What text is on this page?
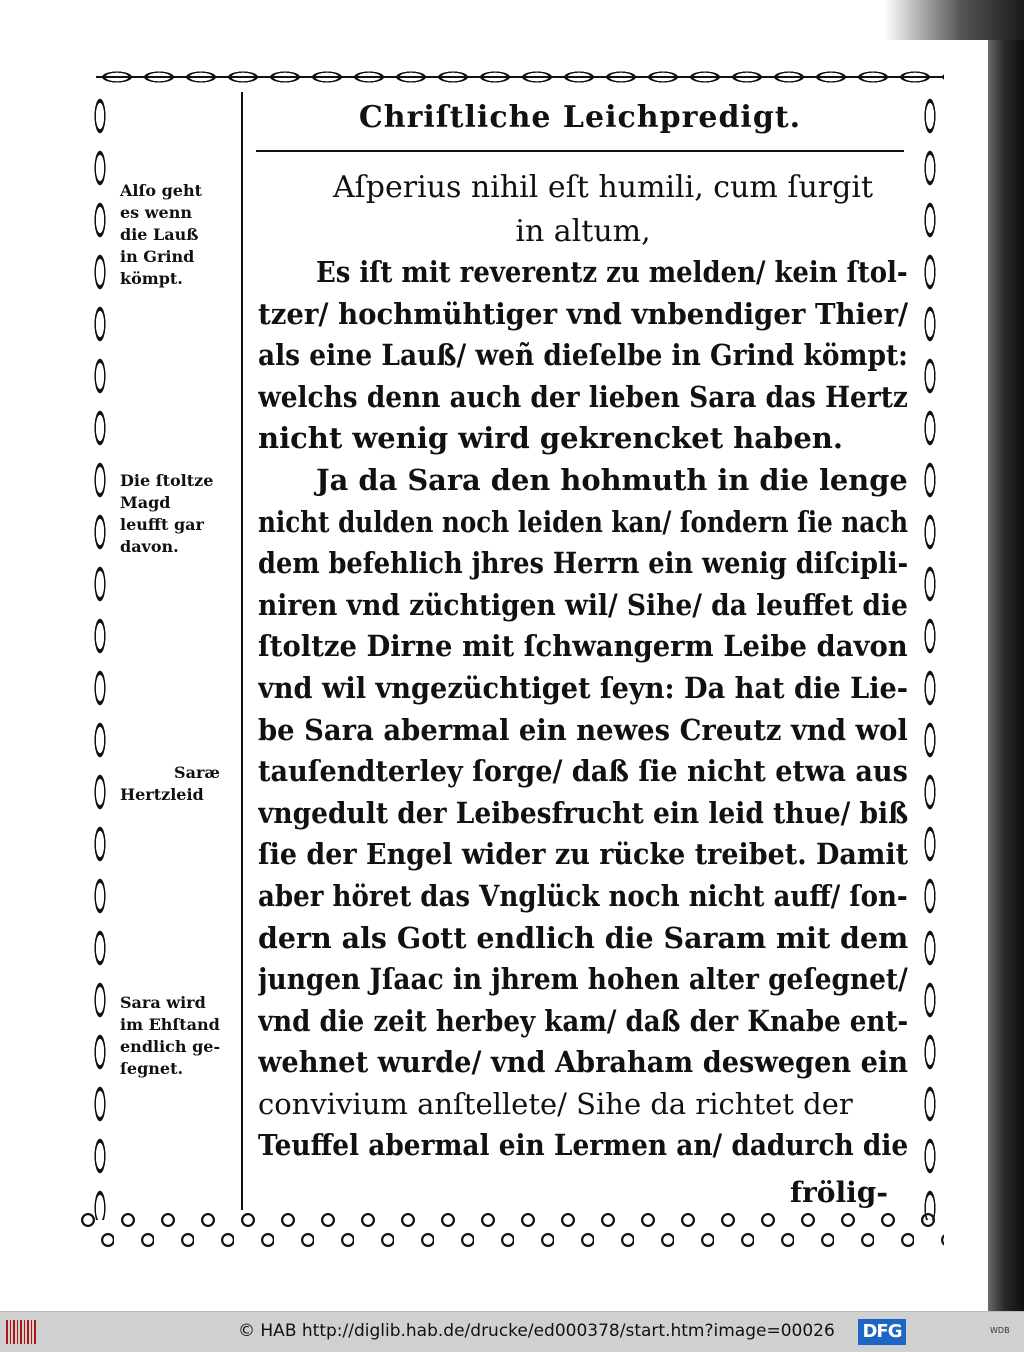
Chriſtliche Leichpredigt.
Alſo geht
es wenn
die Lauß
in Grind
kömpt.
Die ſtoltze
Magd
leufft gar
davon.
Saræ
Hertzleid
Sara wird
im Ehſtand
endlich ge-
ſegnet.
Aſperius nihil eſt humili, cum ſurgit
in altum,
Es iſt mit reverentz zu melden/ kein ſtol-
tzer/ hochmühtiger vnd vnbendiger Thier/
als eine Lauß/ weñ dieſelbe in Grind kömpt:
welchs denn auch der lieben Sara das Hertz
nicht wenig wird gekrencket haben.
Ja da Sara den hohmuth in die lenge
nicht dulden noch leiden kan/ ſondern ſie nach
dem befehlich jhres Herrn ein wenig diſcipli-
niren vnd züchtigen wil/ Sihe/ da leuffet die
ſtoltze Dirne mit ſchwangerm Leibe davon
vnd wil vngezüchtiget ſeyn: Da hat die Lie-
be Sara abermal ein newes Creutz vnd wol
tauſendterley ſorge/ daß ſie nicht etwa aus
vngedult der Leibesfrucht ein leid thue/ biß
ſie der Engel wider zu rücke treibet. Damit
aber höret das Vnglück noch nicht auff/ ſon-
dern als Gott endlich die Saram mit dem
jungen Jſaac in jhrem hohen alter geſegnet/
vnd die zeit herbey kam/ daß der Knabe ent-
wehnet wurde/ vnd Abraham deswegen ein
convivium anſtellete/ Sihe da richtet der
Teuffel abermal ein Lermen an/ dadurch die
frölig-
© HAB http://diglib.hab.de/drucke/ed000378/start.htm?image=00026 DFG	WDB
